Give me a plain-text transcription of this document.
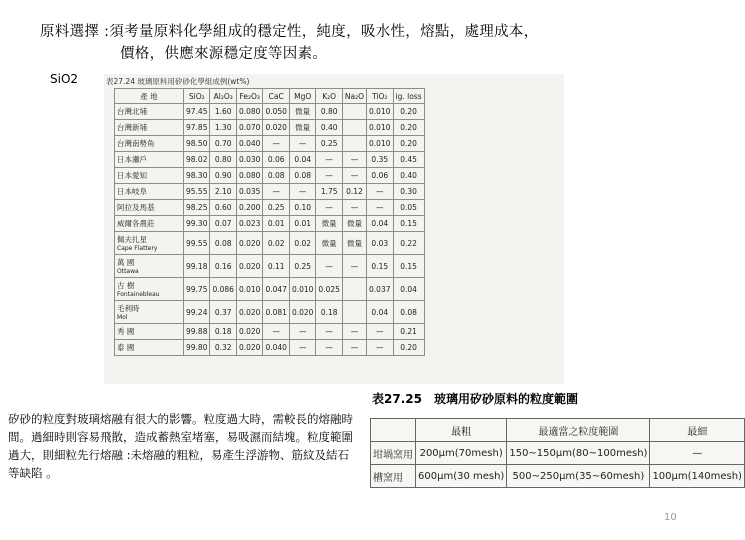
原料選擇 :須考量原料化學組成的穩定性，純度，吸水性，熔點，處理成本，
價格，供應來源穩定度等因素。
SiO2	表27.24 玻璃原料用矽砂化學組成例(wt%)
產 地	SiO₂	Al₂O₃	Fe₂O₃	CaC	MgO	K₂O	Na₂O	TiO₂	ig. loss
台灣北埔	97.45	1.60	0.080	0.050	微量	0.80		0.010	0.20
台灣新埔	97.85	1.30	0.070	0.020	微量	0.40		0.010	0.20
台灣南勢角	98.50	0.70	0.040	—	—	0.25		0.010	0.20
日本瀬戶	98.02	0.80	0.030	0.06	0.04	—	—	0.35	0.45
日本愛知	98.30	0.90	0.080	0.08	0.08	—	—	0.06	0.40
日本岐阜	95.55	2.10	0.035	—	—	1.75	0.12	—	0.30
阿拉及馬基	98.25	0.60	0.200	0.25	0.10	—	—	—	0.05
威爾各農莊	99.30	0.07	0.023	0.01	0.01	微量	微量	0.04	0.15
佩夫扎星
Cape Flattery	99.55	0.08	0.020	0.02	0.02	微量	微量	0.03	0.22
萬 國
Ottawa	99.18	0.16	0.020	0.11	0.25	—	—	0.15	0.15
古 樹
Fontainebleau	99.75	0.086	0.010	0.047	0.010	0.025		0.037	0.04
毛利時
Mol	99.24	0.37	0.020	0.081	0.020	0.18		0.04	0.08
秀 國	99.88	0.18	0.020	—	—	—	—	—	0.21
泰 國	99.80	0.32	0.020	0.040	—	—	—	—	0.20
矽砂的粒度對玻璃熔融有很大的影響。粒度過大時，需較長的熔融時間。過細時則容易飛散，造成蓄熱室堵塞，易吸濕而結塊。粒度範圍過大，則細粒先行熔融 :未熔融的粗粒，易產生浮游物、筋紋及結石等缺陷 。
表27.25　玻璃用矽砂原料的粒度範圍
	最粗	最適當之粒度範圍	最細
坩堝窯用	200μm(70mesh)	150~150μm(80~100mesh)	—
槽窯用	600μm(30 mesh)	500~250μm(35~60mesh)	100μm(140mesh)
10
